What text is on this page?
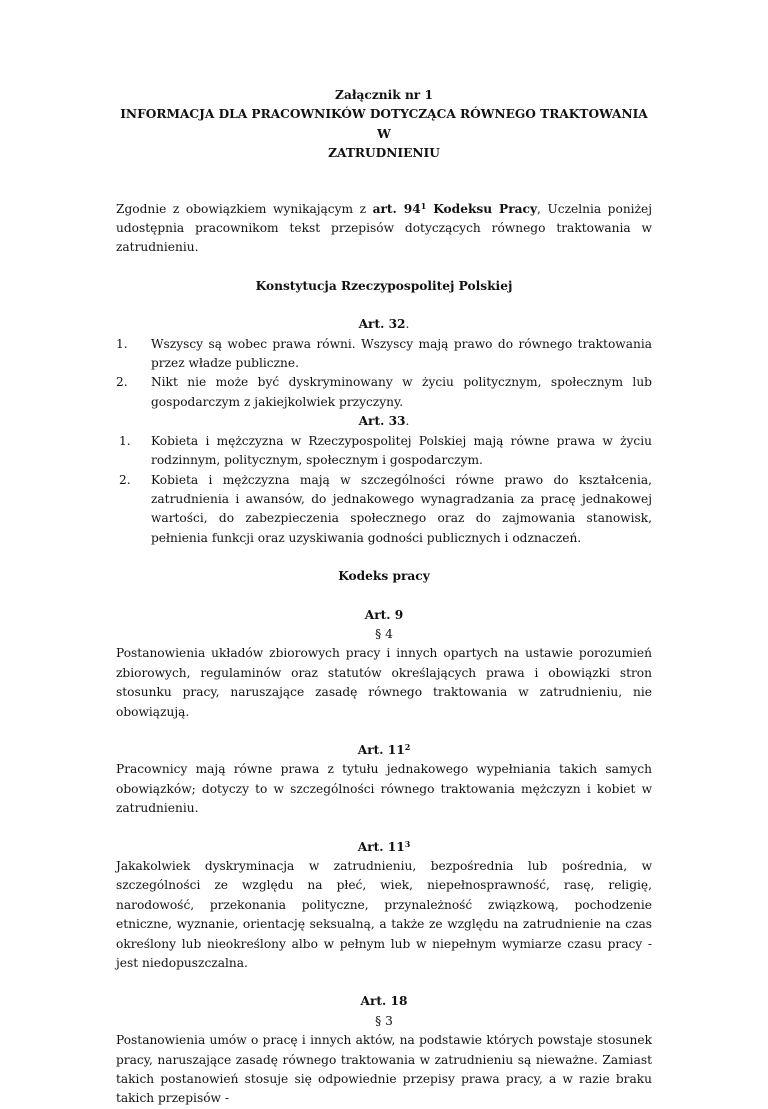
Załącznik nr 1

INFORMACJA DLA PRACOWNIKÓW DOTYCZĄCA RÓWNEGO TRAKTOWANIA W

ZATRUDNIENIU

Zgodnie z obowiązkiem wynikającym z art. $94^1$ Kodeksu Pracy, Uczelnia poniżej udostępnia pracownikom tekst przepisów dotyczących równego traktowania w zatrudnieniu.

Konstytucja Rzeczypospolitej Polskiej

Art. 32.

1. Wszyscy są wobec prawa równi. Wszyscy mają prawo do równego traktowania przez władze publiczne.
2. Nikt nie może być dyskryminowany w życiu politycznym, społecznym lub gospodarczym z jakiejkolwiek przyczyny.

Art. 33.

1. Kobieta i mężczyzna w Rzeczypospolitej Polskiej mają równe prawa w życiu rodzinnym, politycznym, społecznym i gospodarczym.
2. Kobieta i mężczyzna mają w szczególności równe prawo do kształcenia, zatrudnienia i awansów, do jednakowego wynagradzania za pracę jednakowej wartości, do zabezpieczenia społecznego oraz do zajmowania stanowisk, pełnienia funkcji oraz uzyskiwania godności publicznych i odznaczeń.

Kodeks pracy

Art. 9

§ 4

Postanowienia układów zbiorowych pracy i innych opartych na ustawie porozumień zbiorowych, regulaminów oraz statutów określających prawa i obowiązki stron stosunku pracy, naruszające zasadę równego traktowania w zatrudnieniu, nie obowiązują.

Art. $11^2$

Pracownicy mają równe prawa z tytułu jednakowego wypełniania takich samych obowiązków; dotyczy to w szczególności równego traktowania mężczyzn i kobiet w zatrudnieniu.

Art. $11^3$

Jakakolwiek dyskryminacja w zatrudnieniu, bezpośrednia lub pośrednia, w szczególności ze względu na płeć, wiek, niepełnosprawność, rasę, religię, narodowość, przekonania polityczne, przynależność związkową, pochodzenie etniczne, wyznanie, orientację seksualną, a także ze względu na zatrudnienie na czas określony lub nieokreślony albo w pełnym lub w niepełnym wymiarze czasu pracy - jest niedopuszczalna.

Art. 18

§ 3

Postanowienia umów o pracę i innych aktów, na podstawie których powstaje stosunek pracy, naruszające zasadę równego traktowania w zatrudnieniu są nieważne. Zamiast takich postanowień stosuje się odpowiednie przepisy prawa pracy, a w razie braku takich przepisów -
